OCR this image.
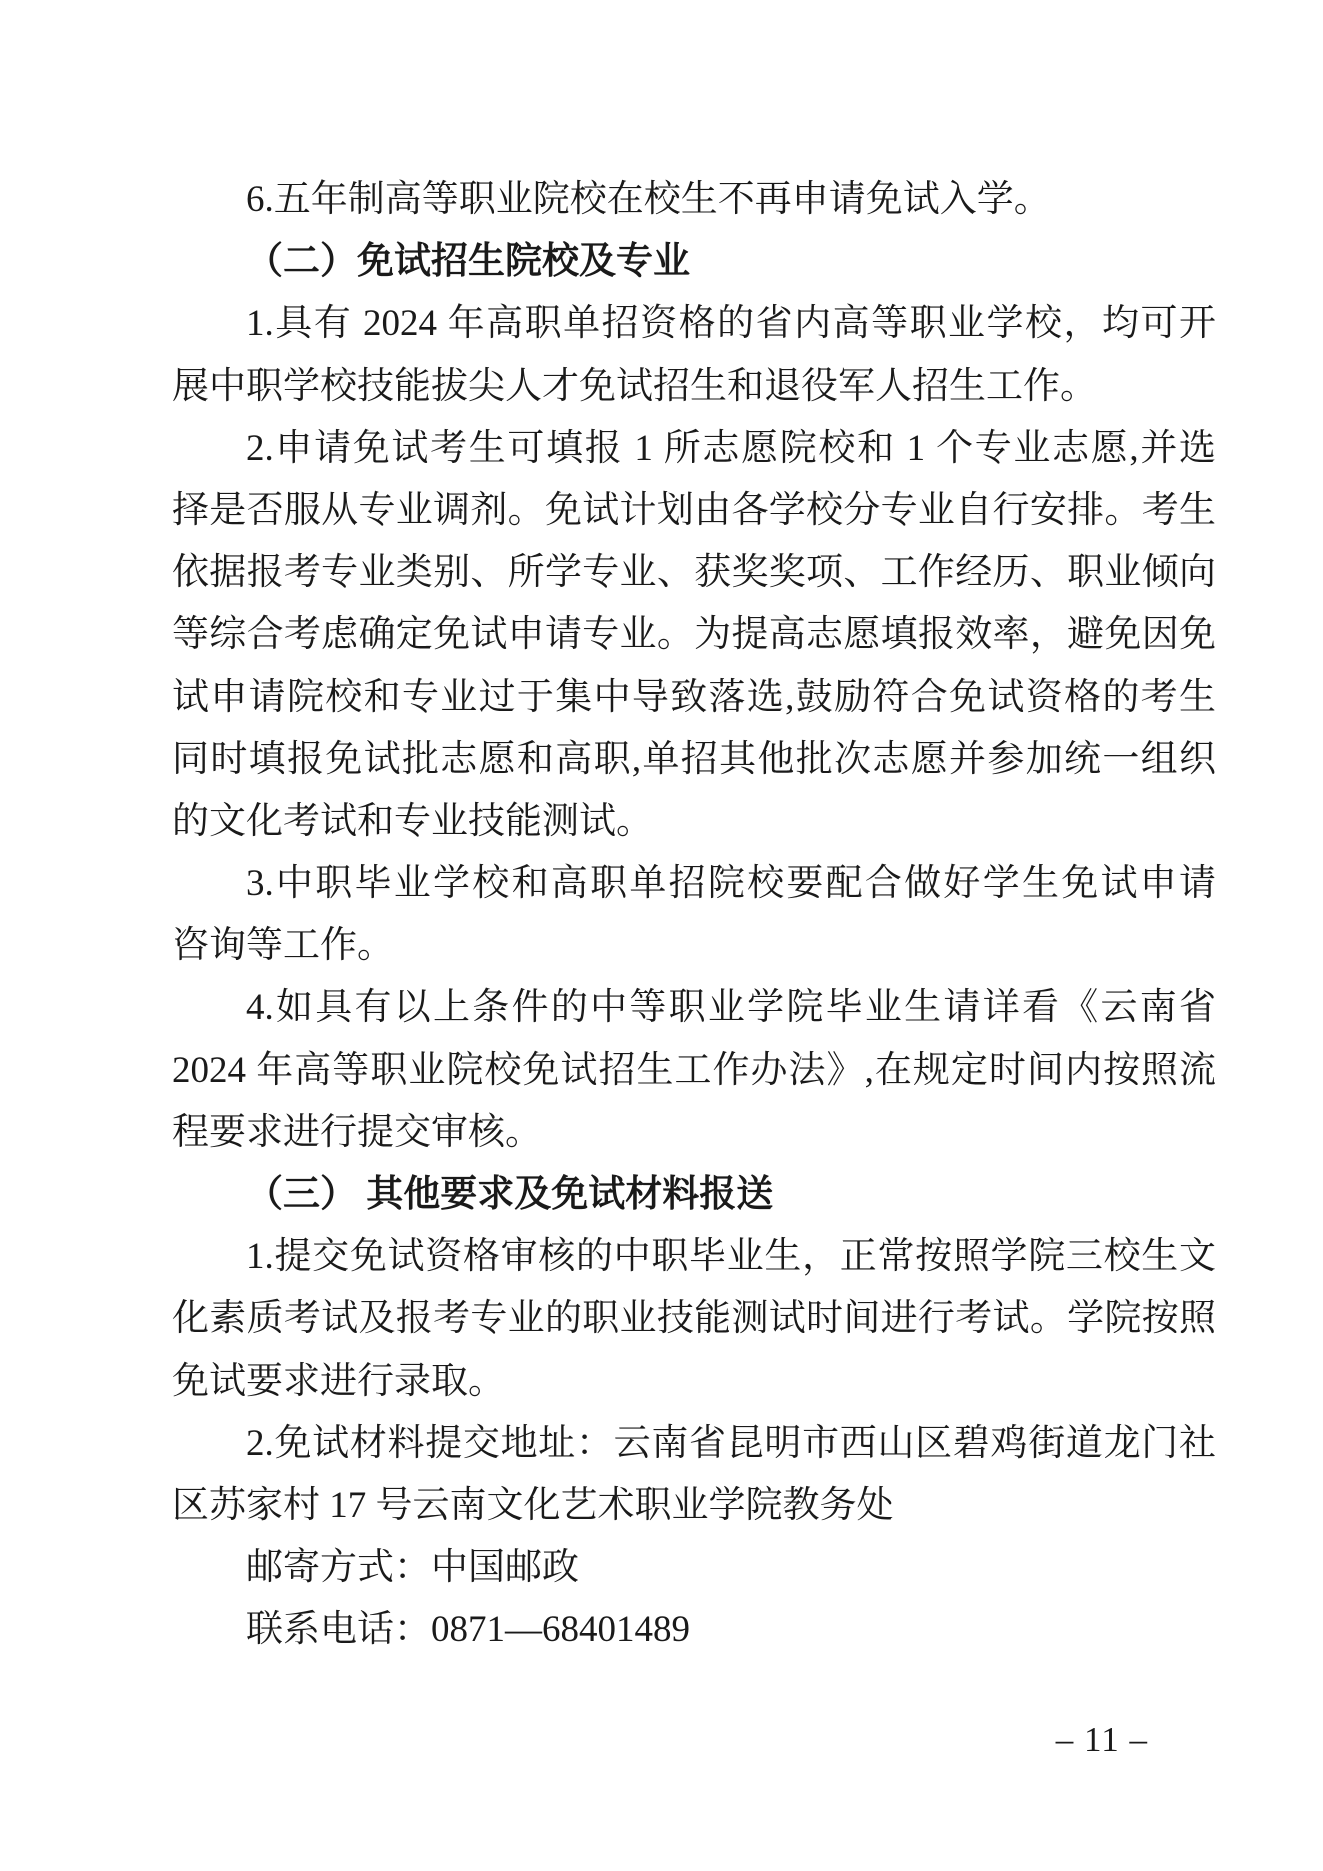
6.五年制高等职业院校在校生不再申请免试入学。
（二）免试招生院校及专业
1.具有 2024 年高职单招资格的省内高等职业学校，均可开
展中职学校技能拔尖人才免试招生和退役军人招生工作。
2.申请免试考生可填报 1 所志愿院校和 1 个专业志愿,并选
择是否服从专业调剂。免试计划由各学校分专业自行安排。考生
依据报考专业类别、所学专业、获奖奖项、工作经历、职业倾向
等综合考虑确定免试申请专业。为提高志愿填报效率，避免因免
试申请院校和专业过于集中导致落选,鼓励符合免试资格的考生
同时填报免试批志愿和高职,单招其他批次志愿并参加统一组织
的文化考试和专业技能测试。
3.中职毕业学校和高职单招院校要配合做好学生免试申请
咨询等工作。
4.如具有以上条件的中等职业学院毕业生请详看《云南省
2024 年高等职业院校免试招生工作办法》,在规定时间内按照流
程要求进行提交审核。
（三） 其他要求及免试材料报送
1.提交免试资格审核的中职毕业生，正常按照学院三校生文
化素质考试及报考专业的职业技能测试时间进行考试。学院按照
免试要求进行录取。
2.免试材料提交地址：云南省昆明市西山区碧鸡街道龙门社
区苏家村 17 号云南文化艺术职业学院教务处
邮寄方式：中国邮政
联系电话：0871—68401489
– 11 –
